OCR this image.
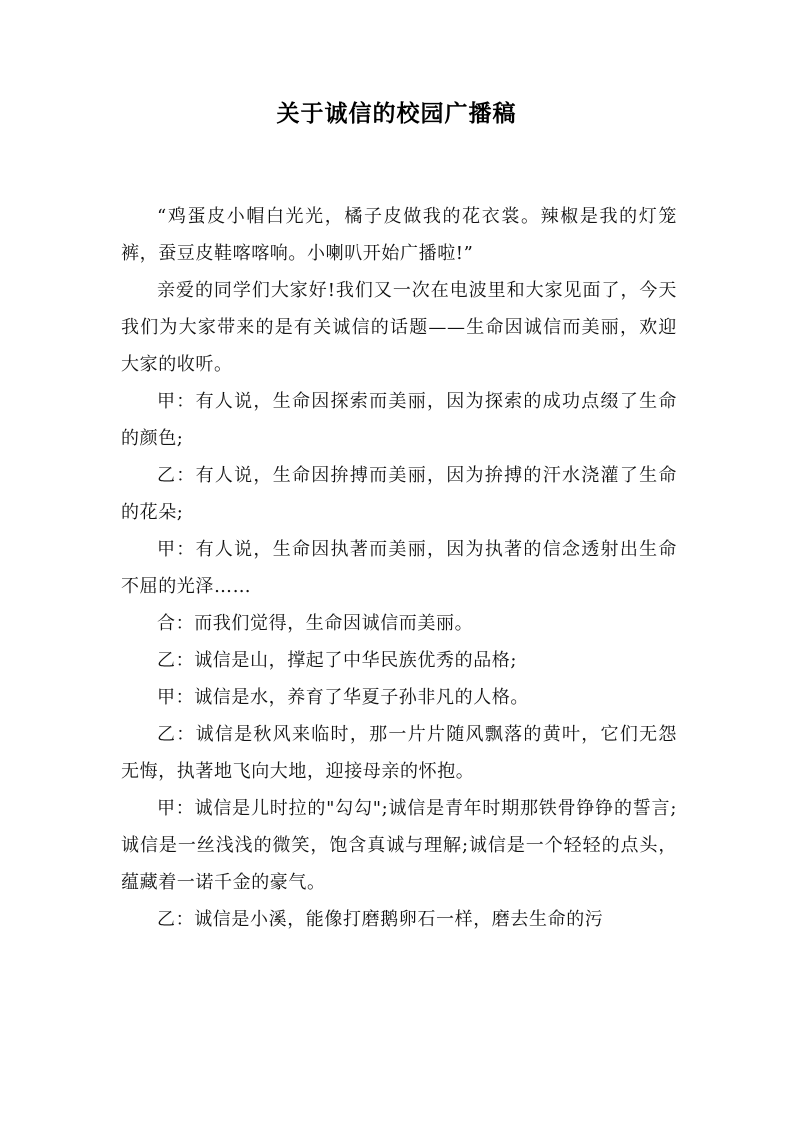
关于诚信的校园广播稿

“鸡蛋皮小帽白光光，橘子皮做我的花衣裳。辣椒是我的灯笼裤，蚕豆皮鞋喀喀响。小喇叭开始广播啦!”

亲爱的同学们大家好!我们又一次在电波里和大家见面了，今天我们为大家带来的是有关诚信的话题——生命因诚信而美丽，欢迎大家的收听。

甲：有人说，生命因探索而美丽，因为探索的成功点缀了生命的颜色;

乙：有人说，生命因拚搏而美丽，因为拚搏的汗水浇灌了生命的花朵;

甲：有人说，生命因执著而美丽，因为执著的信念透射出生命不屈的光泽……

合：而我们觉得，生命因诚信而美丽。

乙：诚信是山，撑起了中华民族优秀的品格;

甲：诚信是水，养育了华夏子孙非凡的人格。

乙：诚信是秋风来临时，那一片片随风飘落的黄叶，它们无怨无悔，执著地飞向大地，迎接母亲的怀抱。

甲：诚信是儿时拉的"勾勾";诚信是青年时期那铁骨铮铮的誓言;诚信是一丝浅浅的微笑，饱含真诚与理解;诚信是一个轻轻的点头，蕴藏着一诺千金的豪气。

乙：诚信是小溪，能像打磨鹅卵石一样，磨去生命的污
